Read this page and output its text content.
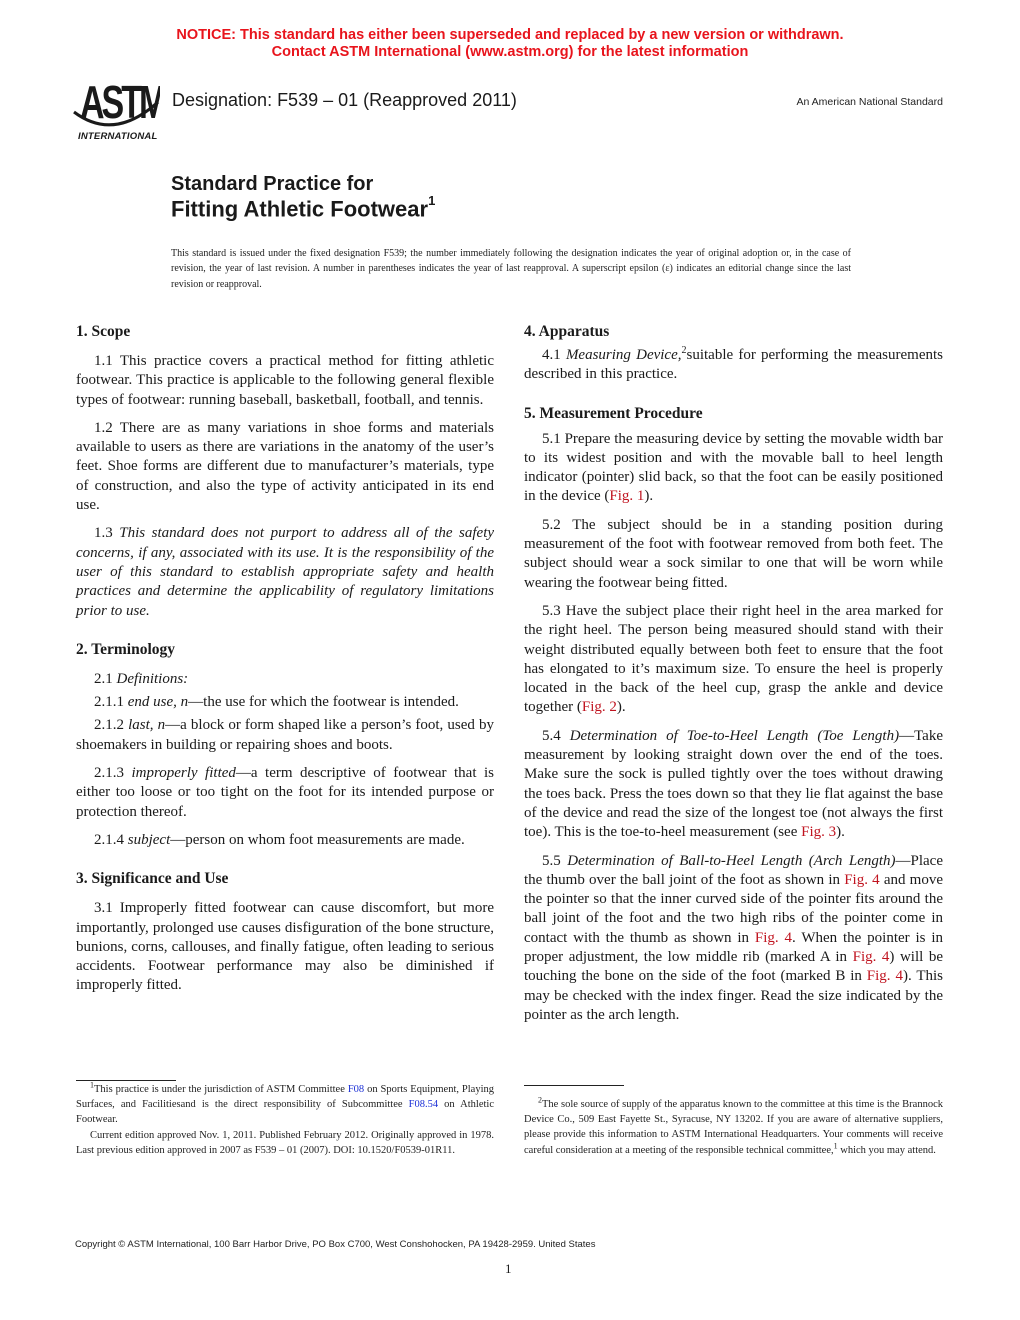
NOTICE: This standard has either been superseded and replaced by a new version or withdrawn.
Contact ASTM International (www.astm.org) for the latest information
ASTM
INTERNATIONAL
Designation: F539 – 01 (Reapproved 2011)	An American National Standard
Standard Practice for
Fitting Athletic Footwear$^1$
This standard is issued under the fixed designation F539; the number immediately following the designation indicates the year of original adoption or, in the case of revision, the year of last revision. A number in parentheses indicates the year of last reapproval. A superscript epsilon (ε) indicates an editorial change since the last revision or reapproval.
1. Scope

1.1 This practice covers a practical method for fitting athletic footwear. This practice is applicable to the following general flexible types of footwear: running baseball, basketball, football, and tennis.

1.2 There are as many variations in shoe forms and materials available to users as there are variations in the anatomy of the user’s feet. Shoe forms are different due to manufacturer’s materials, type of construction, and also the type of activity anticipated in its end use.

1.3 This standard does not purport to address all of the safety concerns, if any, associated with its use. It is the responsibility of the user of this standard to establish appropriate safety and health practices and determine the applicability of regulatory limitations prior to use.

2. Terminology

2.1 Definitions:

2.1.1 end use, n—the use for which the footwear is intended.

2.1.2 last, n—a block or form shaped like a person’s foot, used by shoemakers in building or repairing shoes and boots.

2.1.3 improperly fitted—a term descriptive of footwear that is either too loose or too tight on the foot for its intended purpose or protection thereof.

2.1.4 subject—person on whom foot measurements are made.

3. Significance and Use

3.1 Improperly fitted footwear can cause discomfort, but more importantly, prolonged use causes disfiguration of the bone structure, bunions, corns, callouses, and finally fatigue, often leading to serious accidents. Footwear performance may also be diminished if improperly fitted.

4. Apparatus

4.1 Measuring Device,$^2$suitable for performing the measurements described in this practice.

5. Measurement Procedure

5.1 Prepare the measuring device by setting the movable width bar to its widest position and with the movable ball to heel length indicator (pointer) slid back, so that the foot can be easily positioned in the device (Fig. 1).

5.2 The subject should be in a standing position during measurement of the foot with footwear removed from both feet. The subject should wear a sock similar to one that will be worn while wearing the footwear being fitted.

5.3 Have the subject place their right heel in the area marked for the right heel. The person being measured should stand with their weight distributed equally between both feet to ensure that the foot has elongated to it’s maximum size. To ensure the heel is properly located in the back of the heel cup, grasp the ankle and device together (Fig. 2).

5.4 Determination of Toe-to-Heel Length (Toe Length)—Take measurement by looking straight down over the end of the toes. Make sure the sock is pulled tightly over the toes without drawing the toes back. Press the toes down so that they lie flat against the base of the device and read the size of the longest toe (not always the first toe). This is the toe-to-heel measurement (see Fig. 3).

5.5 Determination of Ball-to-Heel Length (Arch Length)—Place the thumb over the ball joint of the foot as shown in Fig. 4 and move the pointer so that the inner curved side of the pointer fits around the ball joint of the foot and the two high ribs of the pointer come in contact with the thumb as shown in Fig. 4. When the pointer is in proper adjustment, the low middle rib (marked A in Fig. 4) will be touching the bone on the side of the foot (marked B in Fig. 4). This may be checked with the index finger. Read the size indicated by the pointer as the arch length.

$^1$This practice is under the jurisdiction of ASTM Committee F08 on Sports Equipment, Playing Surfaces, and Facilitiesand is the direct responsibility of Subcommittee F08.54 on Athletic Footwear.

Current edition approved Nov. 1, 2011. Published February 2012. Originally approved in 1978. Last previous edition approved in 2007 as F539 – 01 (2007). DOI: 10.1520/F0539-01R11.

$^2$The sole source of supply of the apparatus known to the committee at this time is the Brannock Device Co., 509 East Fayette St., Syracuse, NY 13202. If you are aware of alternative suppliers, please provide this information to ASTM International Headquarters. Your comments will receive careful consideration at a meeting of the responsible technical committee,$^1$ which you may attend.

Copyright © ASTM International, 100 Barr Harbor Drive, PO Box C700, West Conshohocken, PA 19428-2959. United States
1
